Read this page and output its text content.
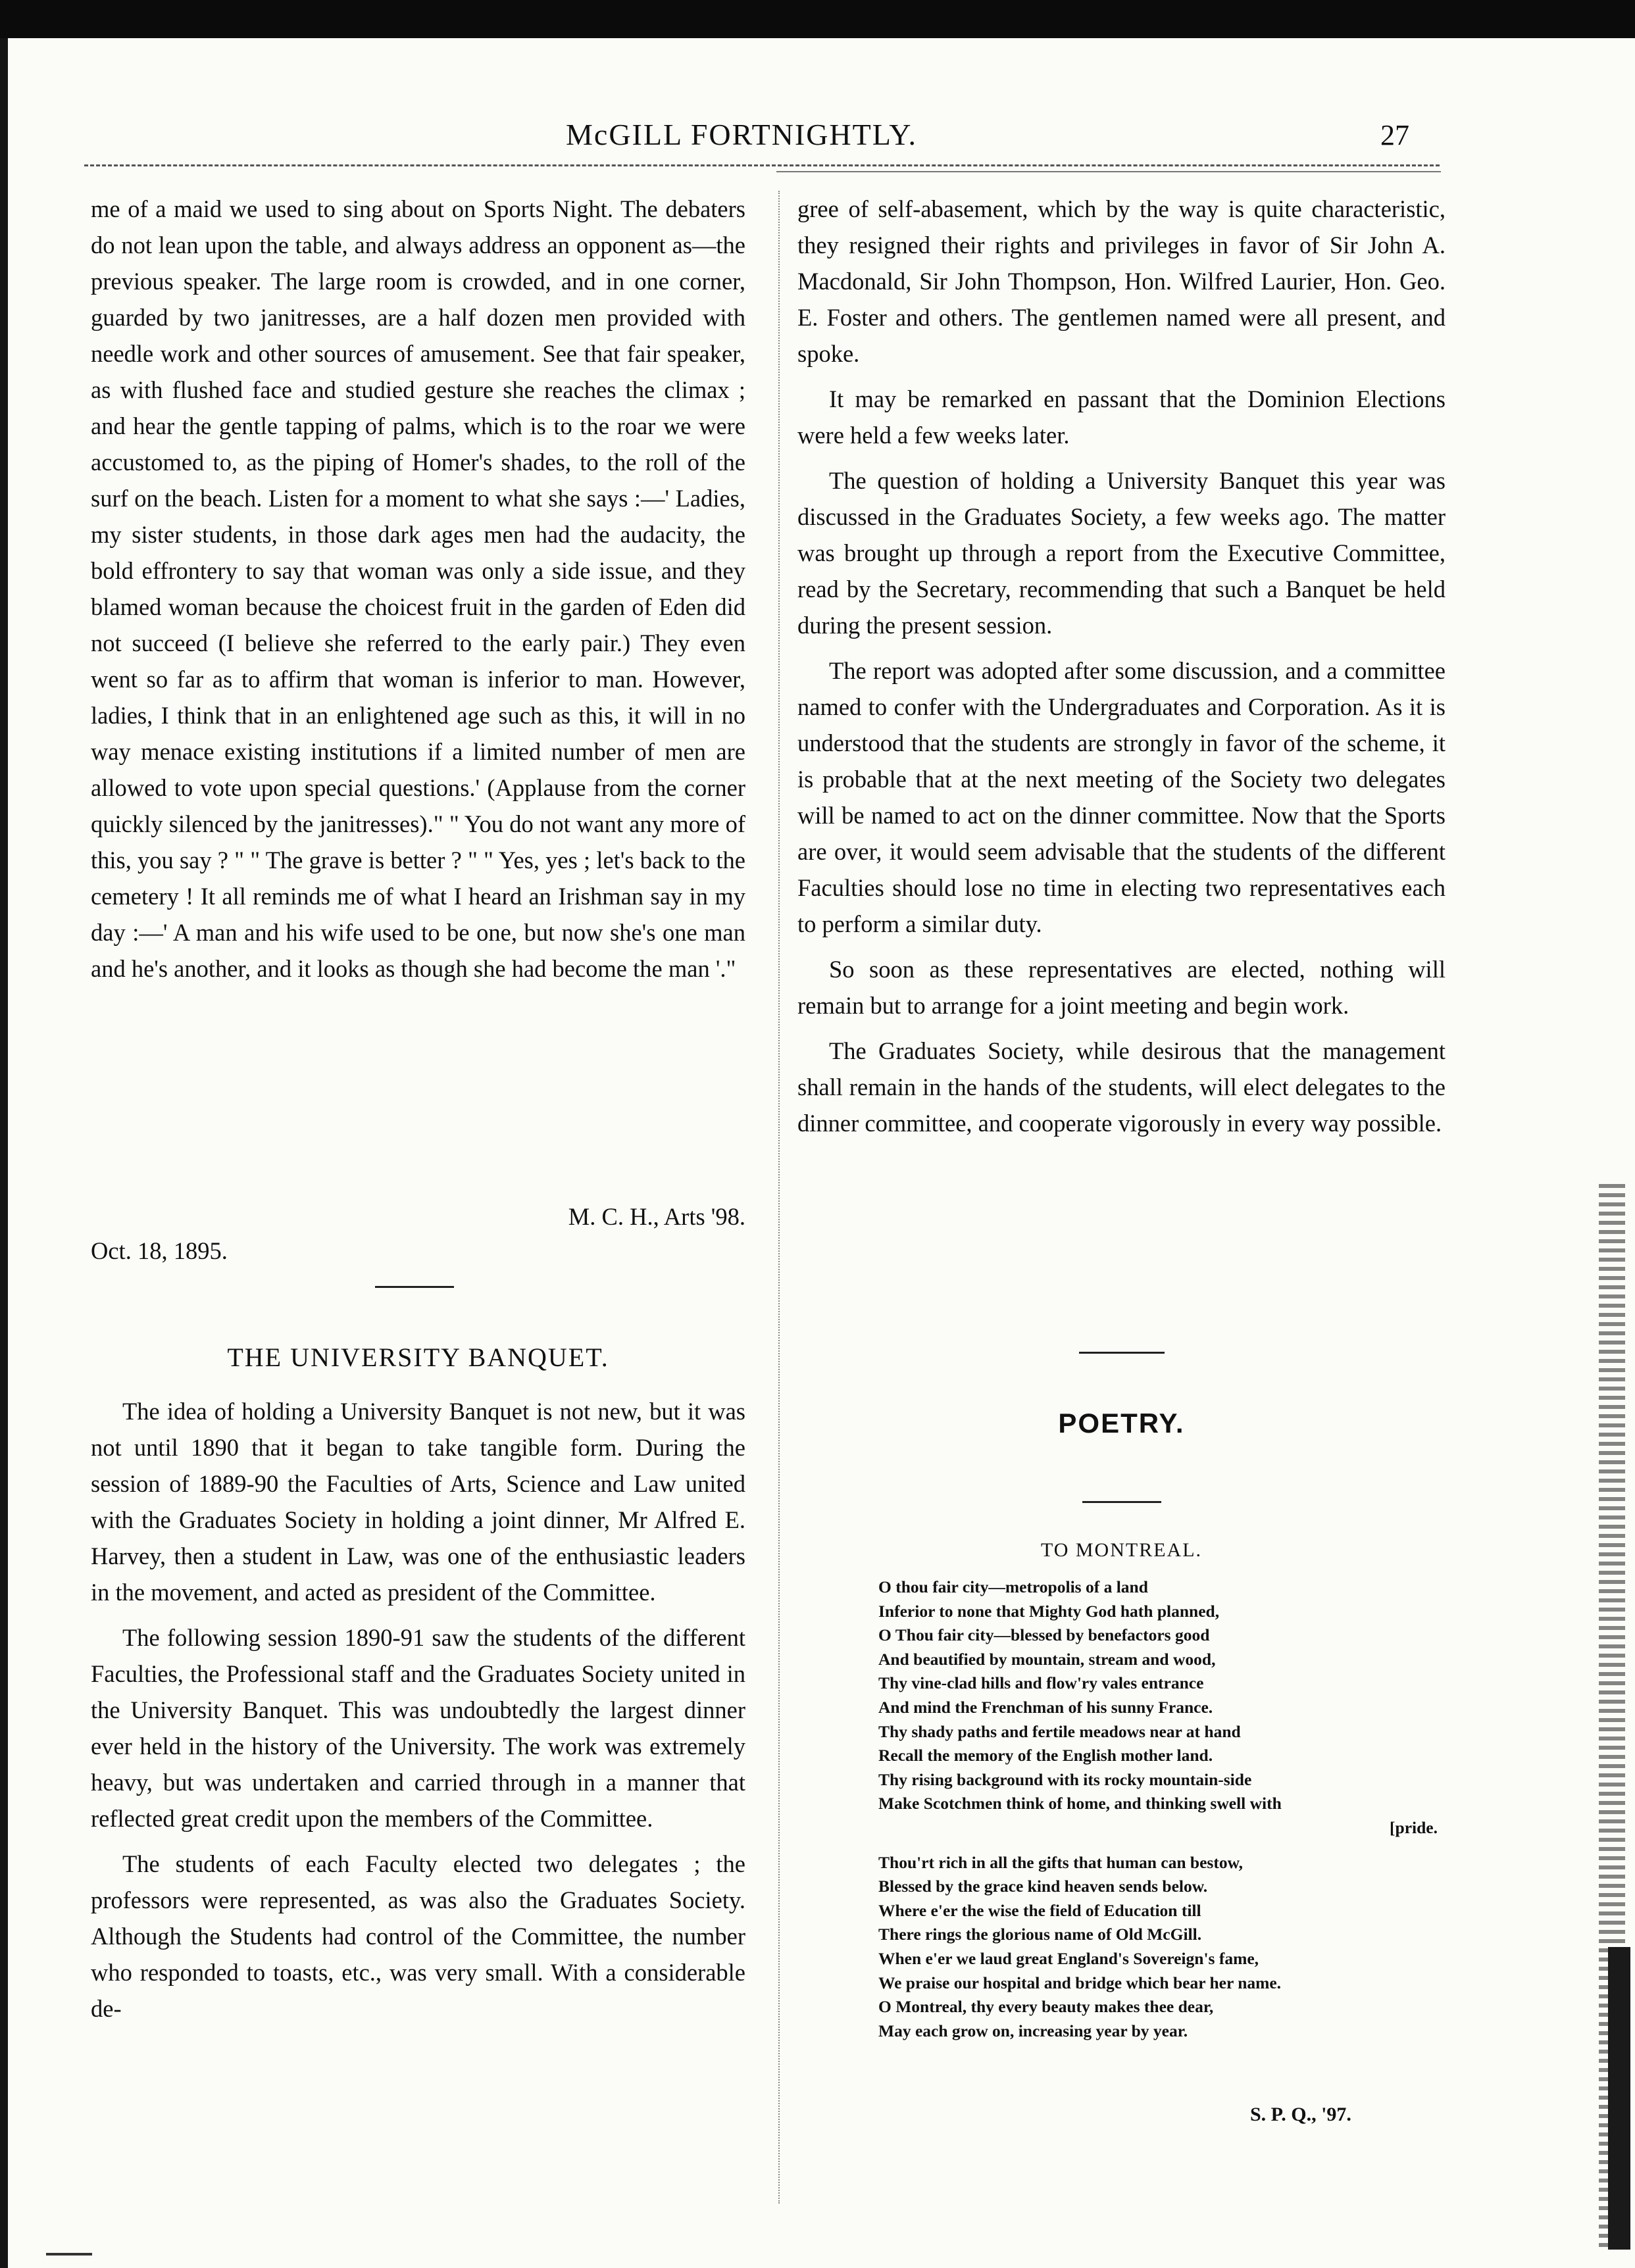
McGILL FORTNIGHTLY.	27

me of a maid we used to sing about on Sports Night. The debaters do not lean upon the table, and always address an opponent as—the previous speaker. The large room is crowded, and in one corner, guarded by two janitresses, are a half dozen men provided with needle work and other sources of amusement. See that fair speaker, as with flushed face and studied gesture she reaches the climax ; and hear the gentle tapping of palms, which is to the roar we were accustomed to, as the piping of Homer's shades, to the roll of the surf on the beach. Listen for a moment to what she says :—' Ladies, my sister students, in those dark ages men had the audacity, the bold effrontery to say that woman was only a side issue, and they blamed woman because the choicest fruit in the garden of Eden did not succeed (I believe she referred to the early pair.) They even went so far as to affirm that woman is inferior to man. However, ladies, I think that in an enlightened age such as this, it will in no way menace existing institutions if a limited number of men are allowed to vote upon special questions.' (Applause from the corner quickly silenced by the janitresses)." " You do not want any more of this, you say ? " " The grave is better ? " " Yes, yes ; let's back to the cemetery ! It all reminds me of what I heard an Irishman say in my day :—' A man and his wife used to be one, but now she's one man and he's another, and it looks as though she had become the man '."

M. C. H., Arts '98.
Oct. 18, 1895.
THE UNIVERSITY BANQUET.

The idea of holding a University Banquet is not new, but it was not until 1890 that it began to take tangible form. During the session of 1889-90 the Faculties of Arts, Science and Law united with the Graduates Society in holding a joint dinner, Mr Alfred E. Harvey, then a student in Law, was one of the enthusiastic leaders in the movement, and acted as president of the Committee.

The following session 1890-91 saw the students of the different Faculties, the Professional staff and the Graduates Society united in the University Banquet. This was undoubtedly the largest dinner ever held in the history of the University. The work was extremely heavy, but was undertaken and carried through in a manner that reflected great credit upon the members of the Committee.

The students of each Faculty elected two delegates ; the professors were represented, as was also the Graduates Society. Although the Students had control of the Committee, the number who responded to toasts, etc., was very small. With a considerable de-

gree of self-abasement, which by the way is quite characteristic, they resigned their rights and privileges in favor of Sir John A. Macdonald, Sir John Thompson, Hon. Wilfred Laurier, Hon. Geo. E. Foster and others. The gentlemen named were all present, and spoke.

It may be remarked en passant that the Dominion Elections were held a few weeks later.

The question of holding a University Banquet this year was discussed in the Graduates Society, a few weeks ago. The matter was brought up through a report from the Executive Committee, read by the Secretary, recommending that such a Banquet be held during the present session.

The report was adopted after some discussion, and a committee named to confer with the Undergraduates and Corporation. As it is understood that the students are strongly in favor of the scheme, it is probable that at the next meeting of the Society two delegates will be named to act on the dinner committee. Now that the Sports are over, it would seem advisable that the students of the different Faculties should lose no time in electing two representatives each to perform a similar duty.

So soon as these representatives are elected, nothing will remain but to arrange for a joint meeting and begin work.

The Graduates Society, while desirous that the management shall remain in the hands of the students, will elect delegates to the dinner committee, and cooperate vigorously in every way possible.

POETRY.
TO MONTREAL.
O thou fair city—metropolis of a land
Inferior to none that Mighty God hath planned,
O Thou fair city—blessed by benefactors good
And beautified by mountain, stream and wood,
Thy vine-clad hills and flow'ry vales entrance
And mind the Frenchman of his sunny France.
Thy shady paths and fertile meadows near at hand
Recall the memory of the English mother land.
Thy rising background with its rocky mountain-side
Make Scotchmen think of home, and thinking swell with
[pride.
Thou'rt rich in all the gifts that human can bestow,
Blessed by the grace kind heaven sends below.
Where e'er the wise the field of Education till
There rings the glorious name of Old McGill.
When e'er we laud great England's Sovereign's fame,
We praise our hospital and bridge which bear her name.
O Montreal, thy every beauty makes thee dear,
May each grow on, increasing year by year.
S. P. Q., '97.
